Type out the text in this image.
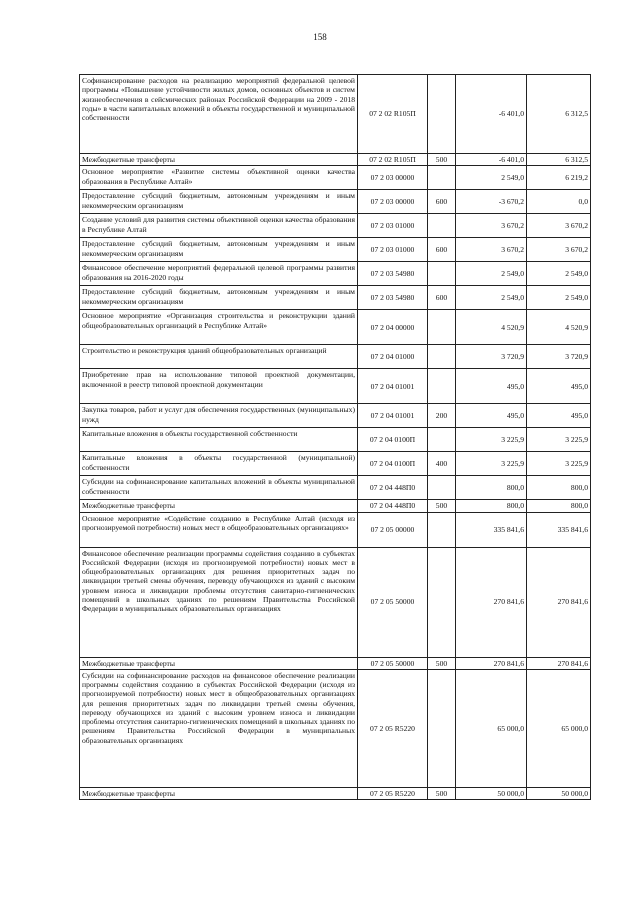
158
Софинансирование расходов на реализацию мероприятий федеральной целевой программы «Повышение устойчивости жилых домов, основных объектов и систем жизнеобеспечения в сейсмических районах Российской Федерации на 2009 - 2018 годы» в части капитальных вложений в объекты государственной и муниципальной собственности	07 2 02 R105П		-6 401,0	6 312,5
Межбюджетные трансферты	07 2 02 R105П	500	-6 401,0	6 312,5
Основное мероприятие «Развитие системы объективной оценки качества образования в Республике Алтай»	07 2 03 00000		2 549,0	6 219,2
Предоставление субсидий бюджетным, автономным учреждениям и иным некоммерческим организациям	07 2 03 00000	600	-3 670,2	0,0
Создание условий для развития системы объективной оценки качества образования в Республике Алтай	07 2 03 01000		3 670,2	3 670,2
Предоставление субсидий бюджетным, автономным учреждениям и иным некоммерческим организациям	07 2 03 01000	600	3 670,2	3 670,2
Финансовое обеспечение мероприятий федеральной целевой программы развития образования на 2016-2020 годы	07 2 03 54980		2 549,0	2 549,0
Предоставление субсидий бюджетным, автономным учреждениям и иным некоммерческим организациям	07 2 03 54980	600	2 549,0	2 549,0
Основное мероприятие «Организация строительства и реконструкции зданий общеобразовательных организаций в Республике Алтай»	07 2 04 00000		4 520,9	4 520,9
Строительство и реконструкция зданий общеобразовательных организаций	07 2 04 01000		3 720,9	3 720,9
Приобретение прав на использование типовой проектной документации, включенной в реестр типовой проектной документации	07 2 04 01001		495,0	495,0
Закупка товаров, работ и услуг для обеспечения государственных (муниципальных) нужд	07 2 04 01001	200	495,0	495,0
Капитальные вложения в объекты государственной собственности	07 2 04 0100П		3 225,9	3 225,9
Капитальные вложения в объекты государственной (муниципальной) собственности	07 2 04 0100П	400	3 225,9	3 225,9
Субсидии на софинансирование капитальных вложений в объекты муниципальной собственности	07 2 04 448П0		800,0	800,0
Межбюджетные трансферты	07 2 04 448П0	500	800,0	800,0
Основное мероприятие «Содействие созданию в Республике Алтай (исходя из прогнозируемой потребности) новых мест в общеобразовательных организациях»	07 2 05 00000		335 841,6	335 841,6
Финансовое обеспечение реализации программы содействия созданию в субъектах Российской Федерации (исходя из прогнозируемой потребности) новых мест в общеобразовательных организациях для решения приоритетных задач по ликвидации третьей смены обучения, переводу обучающихся из зданий с высоким уровнем износа и ликвидации проблемы отсутствия санитарно-гигиенических помещений в школьных зданиях по решениям Правительства Российской Федерации в муниципальных образовательных организациях	07 2 05 50000		270 841,6	270 841,6
Межбюджетные трансферты	07 2 05 50000	500	270 841,6	270 841,6
Субсидии на софинансирование расходов на финансовое обеспечение реализации программы содействия созданию в субъектах Российской Федерации (исходя из прогнозируемой потребности) новых мест в общеобразовательных организациях для решения приоритетных задач по ликвидации третьей смены обучения, переводу обучающихся из зданий с высоким уровнем износа и ликвидации проблемы отсутствия санитарно-гигиенических помещений в школьных зданиях по решениям Правительства Российской Федерации в муниципальных образовательных организациях	07 2 05 R5220		65 000,0	65 000,0
Межбюджетные трансферты	07 2 05 R5220	500	50 000,0	50 000,0
